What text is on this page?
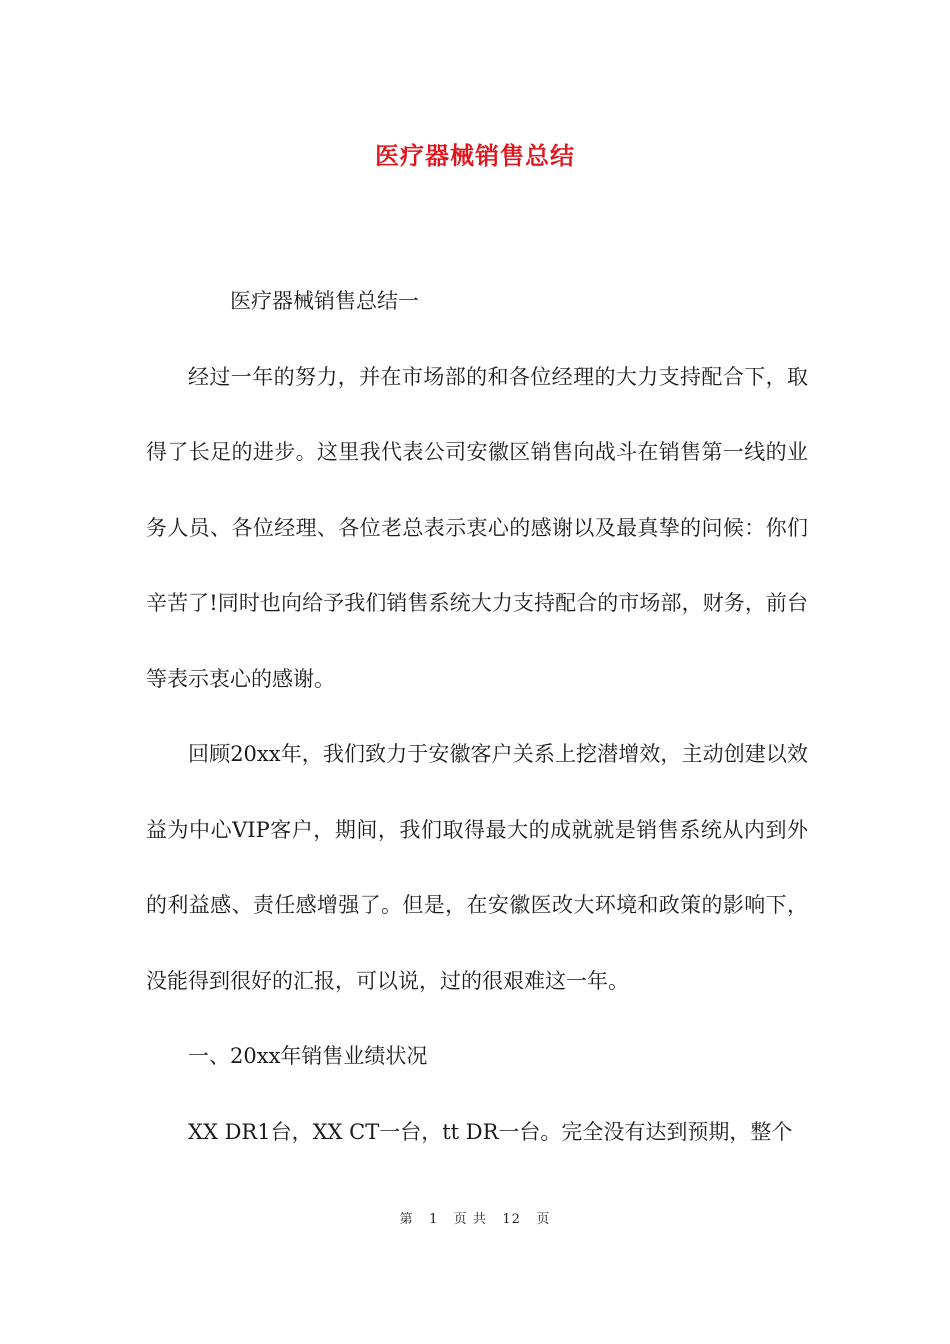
医疗器械销售总结

医疗器械销售总结一

经过一年的努力，并在市场部的和各位经理的大力支持配合下，取得了长足的进步。这里我代表公司安徽区销售向战斗在销售第一线的业务人员、各位经理、各位老总表示衷心的感谢以及最真挚的问候：你们辛苦了!同时也向给予我们销售系统大力支持配合的市场部，财务，前台等表示衷心的感谢。

回顾20xx年，我们致力于安徽客户关系上挖潜增效，主动创建以效益为中心VIP客户，期间，我们取得最大的成就就是销售系统从内到外的利益感、责任感增强了。但是，在安徽医改大环境和政策的影响下，没能得到很好的汇报，可以说，过的很艰难这一年。

一、20xx年销售业绩状况

XX DR1台，XX CT一台，tt DR一台。完全没有达到预期，整个

第 1 页 共 12 页
